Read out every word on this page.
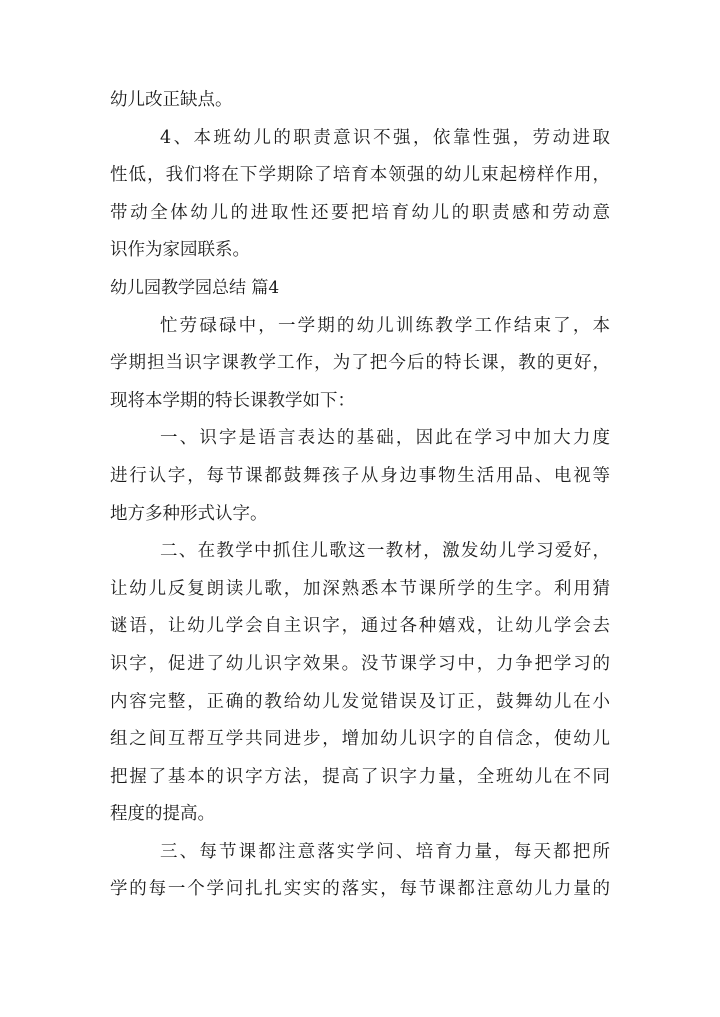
幼儿改正缺点。
4、本班幼儿的职责意识不强，依靠性强，劳动进取
性低，我们将在下学期除了培育本领强的幼儿束起榜样作用，
带动全体幼儿的进取性还要把培育幼儿的职责感和劳动意
识作为家园联系。
幼儿园教学园总结 篇4
忙劳碌碌中，一学期的幼儿训练教学工作结束了，本
学期担当识字课教学工作，为了把今后的特长课，教的更好，
现将本学期的特长课教学如下：
一、识字是语言表达的基础，因此在学习中加大力度
进行认字，每节课都鼓舞孩子从身边事物生活用品、电视等
地方多种形式认字。
二、在教学中抓住儿歌这一教材，激发幼儿学习爱好，
让幼儿反复朗读儿歌，加深熟悉本节课所学的生字。利用猜
谜语，让幼儿学会自主识字，通过各种嬉戏，让幼儿学会去
识字，促进了幼儿识字效果。没节课学习中，力争把学习的
内容完整，正确的教给幼儿发觉错误及订正，鼓舞幼儿在小
组之间互帮互学共同进步，增加幼儿识字的自信念，使幼儿
把握了基本的识字方法，提高了识字力量，全班幼儿在不同
程度的提高。
三、每节课都注意落实学问、培育力量，每天都把所
学的每一个学问扎扎实实的落实，每节课都注意幼儿力量的
